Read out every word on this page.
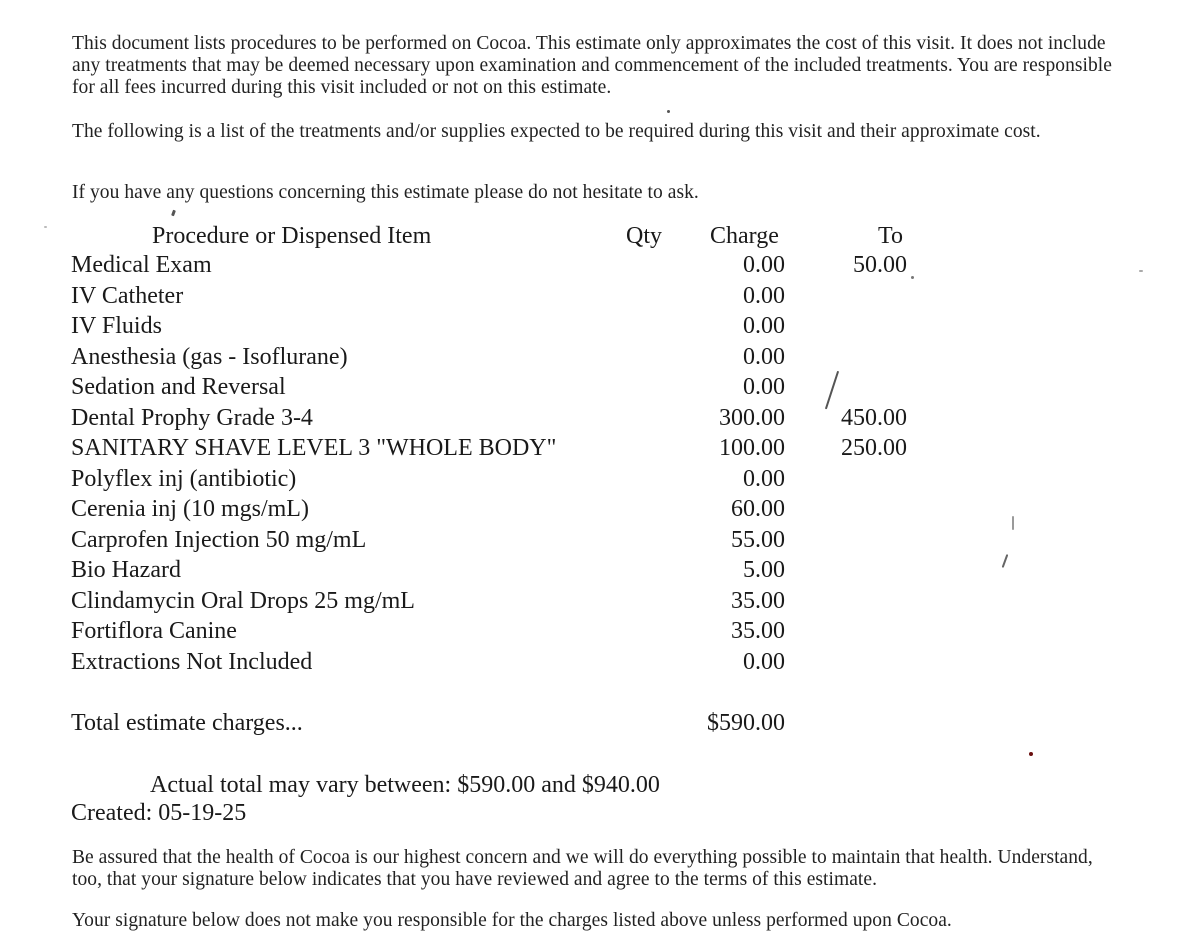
This document lists procedures to be performed on Cocoa. This estimate only approximates the cost of this visit. It does not include any treatments that may be deemed necessary upon examination and commencement of the included treatments. You are responsible for all fees incurred during this visit included or not on this estimate.
The following is a list of the treatments and/or supplies expected to be required during this visit and their approximate cost.
If you have any questions concerning this estimate please do not hesitate to ask.
Procedure or Dispensed Item	Qty Charge	To
Medical Exam	0.00	50.00
IV Catheter	0.00
IV Fluids	0.00
Anesthesia (gas - Isoflurane)	0.00
Sedation and Reversal	0.00
Dental Prophy Grade 3-4	300.00 450.00
SANITARY SHAVE LEVEL 3 "WHOLE BODY"	100.00 250.00
Polyflex inj (antibiotic)	0.00
Cerenia inj (10 mgs/mL)	60.00
Carprofen Injection 50 mg/mL	55.00
Bio Hazard	5.00
Clindamycin Oral Drops 25 mg/mL	35.00
Fortiflora Canine	35.00
Extractions Not Included	0.00
Total estimate charges...	$590.00
Actual total may vary between: $590.00 and $940.00
Created: 05-19-25
Be assured that the health of Cocoa is our highest concern and we will do everything possible to maintain that health. Understand, too, that your signature below indicates that you have reviewed and agree to the terms of this estimate.
Your signature below does not make you responsible for the charges listed above unless performed upon Cocoa.
